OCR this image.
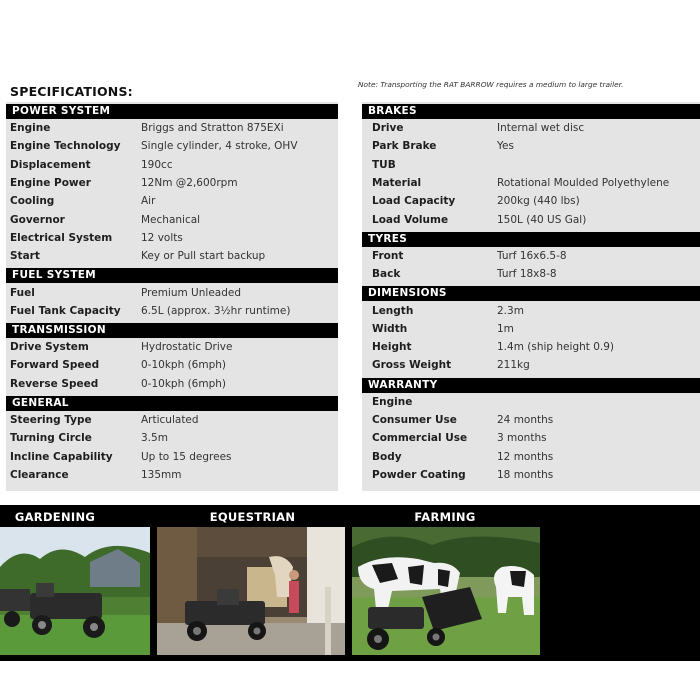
SPECIFICATIONS:	Note: Transporting the RAT BARROW requires a medium to large trailer.
POWER SYSTEM
Engine	Briggs and Stratton 875EXi
Engine Technology	Single cylinder, 4 stroke, OHV
Displacement	190cc
Engine Power	12Nm @2,600rpm
Cooling	Air
Governor	Mechanical
Electrical System	12 volts
Start	Key or Pull start backup
FUEL SYSTEM
Fuel	Premium Unleaded
Fuel Tank Capacity	6.5L (approx. 3½hr runtime)
TRANSMISSION
Drive System	Hydrostatic Drive
Forward Speed	0-10kph (6mph)
Reverse Speed	0-10kph (6mph)
GENERAL
Steering Type	Articulated
Turning Circle	3.5m
Incline Capability	Up to 15 degrees
Clearance	135mm
BRAKES
Drive	Internal wet disc
Park Brake	Yes
TUB
Material	Rotational Moulded Polyethylene
Load Capacity	200kg (440 lbs)
Load Volume	150L (40 US Gal)
TYRES
Front	Turf 16x6.5-8
Back	Turf 18x8-8
DIMENSIONS
Length	2.3m
Width	1m
Height	1.4m (ship height 0.9)
Gross Weight	211kg
WARRANTY
Engine
Consumer Use	24 months
Commercial Use	3 months
Body	12 months
Powder Coating	18 months
GARDENING	EQUESTRIAN	FARMING
